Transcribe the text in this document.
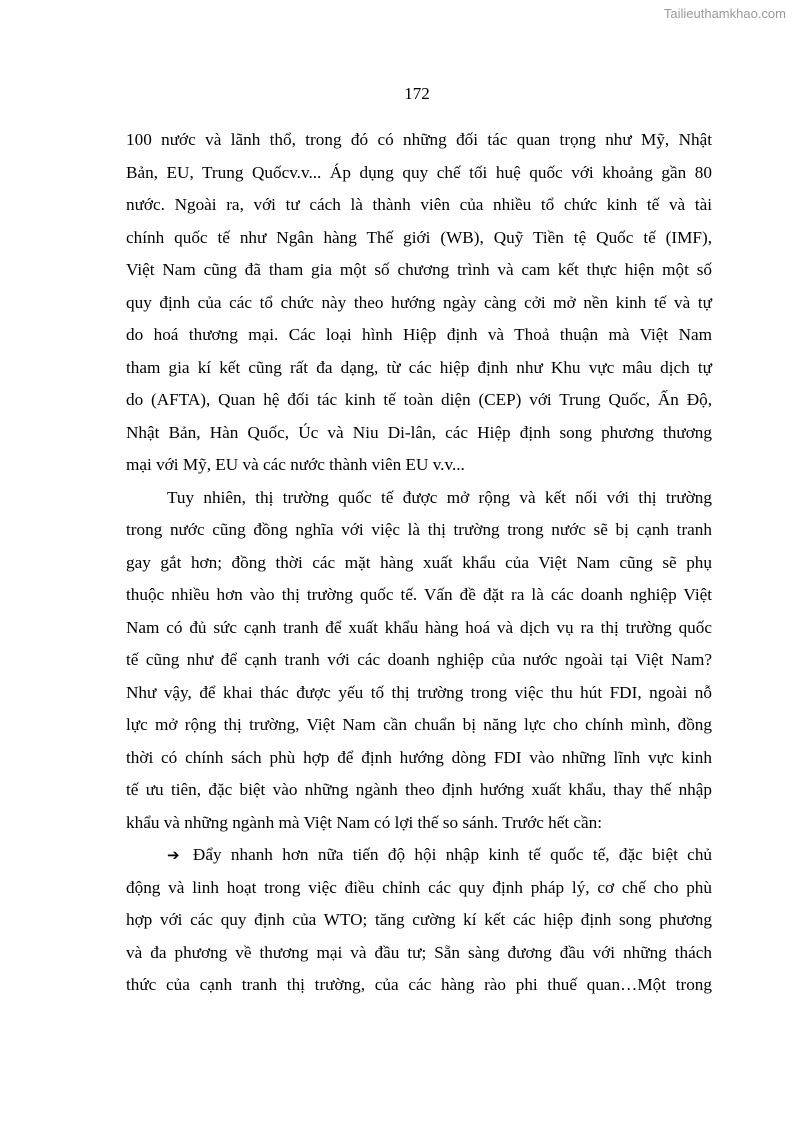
Tailieuthamkhao.com
172
100 nước và lãnh thổ, trong đó có những đối tác quan trọng như Mỹ, Nhật
Bản, EU, Trung Quốcv.v... Áp dụng quy chế tối huệ quốc với khoảng gần 80
nước. Ngoài ra, với tư cách là thành viên của nhiều tổ chức kinh tế và tài
chính quốc tế như Ngân hàng Thế giới (WB), Quỹ Tiền tệ Quốc tế (IMF),
Việt Nam cũng đã tham gia một số chương trình và cam kết thực hiện một số
quy định của các tổ chức này theo hướng ngày càng cởi mở nền kinh tế và tự
do hoá thương mại. Các loại hình Hiệp định và Thoả thuận mà Việt Nam
tham gia kí kết cũng rất đa dạng, từ các hiệp định như Khu vực mâu dịch tự
do (AFTA), Quan hệ đối tác kinh tế toàn diện (CEP) với Trung Quốc, Ấn Độ,
Nhật Bản, Hàn Quốc, Úc và Niu Di-lân, các Hiệp định song phương thương
mại với Mỹ, EU và các nước thành viên EU v.v...
Tuy nhiên, thị trường quốc tế được mở rộng và kết nối với thị trường
trong nước cũng đồng nghĩa với việc là thị trường trong nước sẽ bị cạnh tranh
gay gắt hơn; đồng thời các mặt hàng xuất khẩu của Việt Nam cũng sẽ phụ
thuộc nhiều hơn vào thị trường quốc tế. Vấn đề đặt ra là các doanh nghiệp Việt
Nam có đủ sức cạnh tranh để xuất khẩu hàng hoá và dịch vụ ra thị trường quốc
tế cũng như để cạnh tranh với các doanh nghiệp của nước ngoài tại Việt Nam?
Như vậy, để khai thác được yếu tố thị trường trong việc thu hút FDI, ngoài nỗ
lực mở rộng thị trường, Việt Nam cần chuẩn bị năng lực cho chính mình, đồng
thời có chính sách phù hợp để định hướng dòng FDI vào những lĩnh vực kinh
tế ưu tiên, đặc biệt vào những ngành theo định hướng xuất khẩu, thay thế nhập
khẩu và những ngành mà Việt Nam có lợi thế so sánh. Trước hết cần:
➔ Đẩy nhanh hơn nữa tiến độ hội nhập kinh tế quốc tế, đặc biệt chủ
động và linh hoạt trong việc điều chỉnh các quy định pháp lý, cơ chế cho phù
hợp với các quy định của WTO; tăng cường kí kết các hiệp định song phương
và đa phương về thương mại và đầu tư; Sẵn sàng đương đầu với những thách
thức của cạnh tranh thị trường, của các hàng rào phi thuế quan…Một trong
